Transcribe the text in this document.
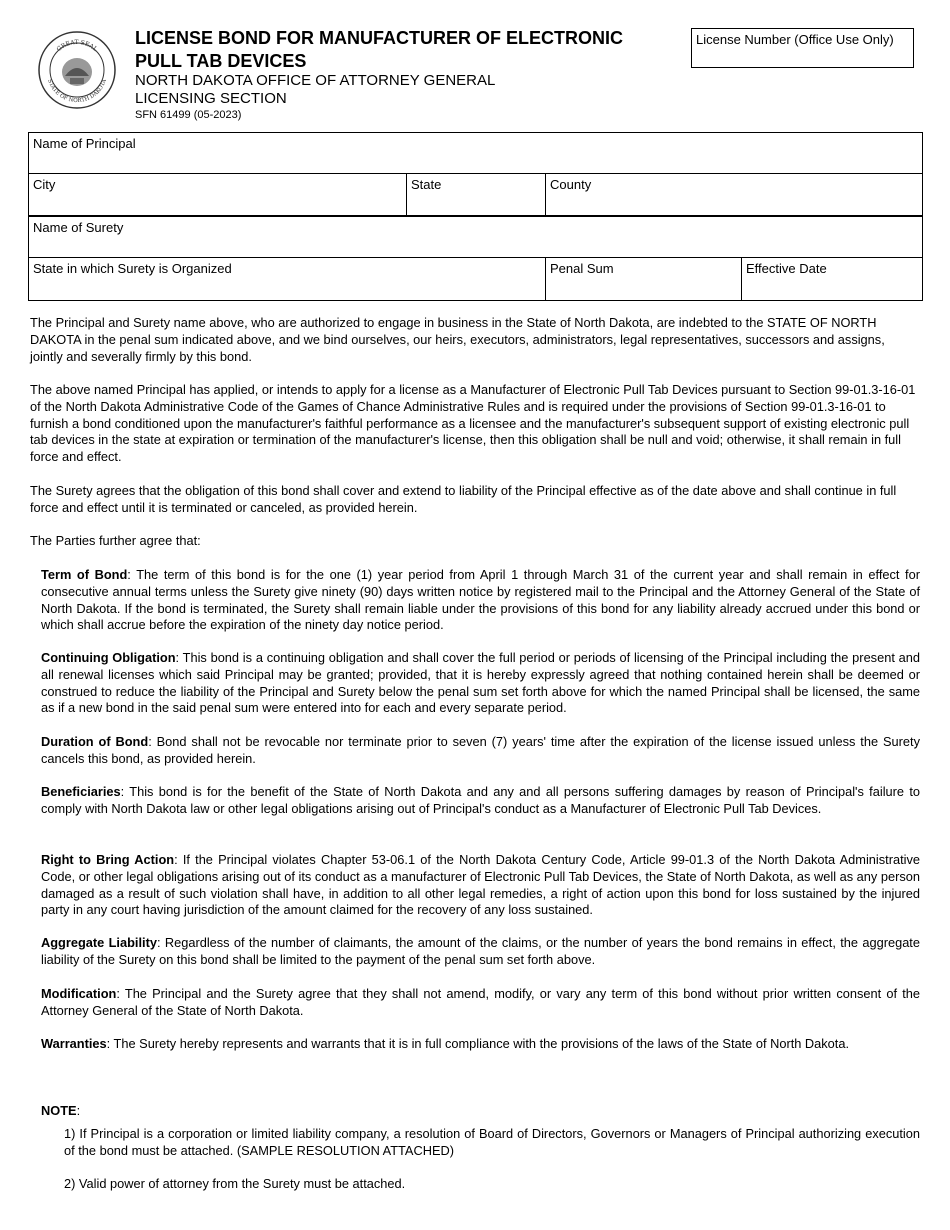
GREAT SEAL
STATE OF NORTH DAKOTA
LICENSE BOND FOR MANUFACTURER OF ELECTRONIC
PULL TAB DEVICES
NORTH DAKOTA OFFICE OF ATTORNEY GENERAL
LICENSING SECTION
SFN 61499 (05-2023)
License Number (Office Use Only)
Name of Principal
City	State	County
Name of Surety
State in which Surety is Organized	Penal Sum	Effective Date
The Principal and Surety name above, who are authorized to engage in business in the State of North Dakota, are indebted to the STATE OF NORTH DAKOTA in the penal sum indicated above, and we bind ourselves, our heirs, executors, administrators, legal representatives, successors and assigns, jointly and severally firmly by this bond.
The above named Principal has applied, or intends to apply for a license as a Manufacturer of Electronic Pull Tab Devices pursuant to Section 99-01.3-16-01 of the North Dakota Administrative Code of the Games of Chance Administrative Rules and is required under the provisions of Section 99-01.3-16-01 to furnish a bond conditioned upon the manufacturer's faithful performance as a licensee and the manufacturer's subsequent support of existing electronic pull tab devices in the state at expiration or termination of the manufacturer's license, then this obligation shall be null and void; otherwise, it shall remain in full force and effect.
The Surety agrees that the obligation of this bond shall cover and extend to liability of the Principal effective as of the date above and shall continue in full force and effect until it is terminated or canceled, as provided herein.
The Parties further agree that:
Term of Bond: The term of this bond is for the one (1) year period from April 1 through March 31 of the current year and shall remain in effect for consecutive annual terms unless the Surety give ninety (90) days written notice by registered mail to the Principal and the Attorney General of the State of North Dakota. If the bond is terminated, the Surety shall remain liable under the provisions of this bond for any liability already accrued under this bond or which shall accrue before the expiration of the ninety day notice period.
Continuing Obligation: This bond is a continuing obligation and shall cover the full period or periods of licensing of the Principal including the present and all renewal licenses which said Principal may be granted; provided, that it is hereby expressly agreed that nothing contained herein shall be deemed or construed to reduce the liability of the Principal and Surety below the penal sum set forth above for which the named Principal shall be licensed, the same as if a new bond in the said penal sum were entered into for each and every separate period.
Duration of Bond: Bond shall not be revocable nor terminate prior to seven (7) years' time after the expiration of the license issued unless the Surety cancels this bond, as provided herein.
Beneficiaries: This bond is for the benefit of the State of North Dakota and any and all persons suffering damages by reason of Principal's failure to comply with North Dakota law or other legal obligations arising out of Principal's conduct as a Manufacturer of Electronic Pull Tab Devices.
Right to Bring Action: If the Principal violates Chapter 53-06.1 of the North Dakota Century Code, Article 99-01.3 of the North Dakota Administrative Code, or other legal obligations arising out of its conduct as a manufacturer of Electronic Pull Tab Devices, the State of North Dakota, as well as any person damaged as a result of such violation shall have, in addition to all other legal remedies, a right of action upon this bond for loss sustained by the injured party in any court having jurisdiction of the amount claimed for the recovery of any loss sustained.
Aggregate Liability: Regardless of the number of claimants, the amount of the claims, or the number of years the bond remains in effect, the aggregate liability of the Surety on this bond shall be limited to the payment of the penal sum set forth above.
Modification: The Principal and the Surety agree that they shall not amend, modify, or vary any term of this bond without prior written consent of the Attorney General of the State of North Dakota.
Warranties: The Surety hereby represents and warrants that it is in full compliance with the provisions of the laws of the State of North Dakota.
NOTE:
1) If Principal is a corporation or limited liability company, a resolution of Board of Directors, Governors or Managers of Principal authorizing execution of the bond must be attached. (SAMPLE RESOLUTION ATTACHED)
2) Valid power of attorney from the Surety must be attached.
